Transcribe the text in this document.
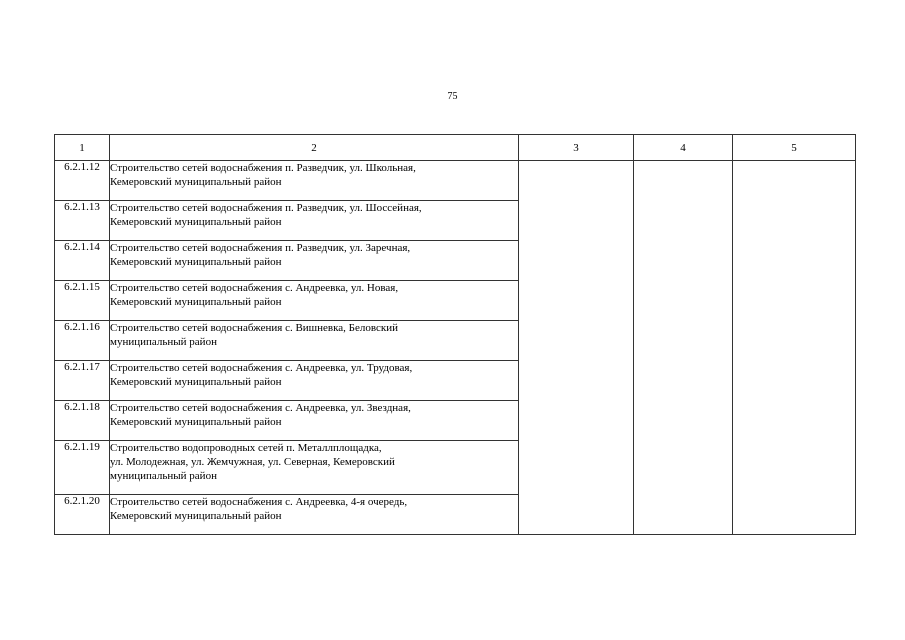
75
1	2	3	4	5
6.2.1.12	Строительство сетей водоснабжения п. Разведчик, ул. Школьная,
Кемеровский муниципальный район			

6.2.1.13	Строительство сетей водоснабжения п. Разведчик, ул. Шоссейная,
Кемеровский муниципальный район			

6.2.1.14	Строительство сетей водоснабжения п. Разведчик, ул. Заречная,
Кемеровский муниципальный район			

6.2.1.15	Строительство сетей водоснабжения с. Андреевка, ул. Новая,
Кемеровский муниципальный район			

6.2.1.16	Строительство сетей водоснабжения с. Вишневка, Беловский
муниципальный район			

6.2.1.17	Строительство сетей водоснабжения с. Андреевка, ул. Трудовая,
Кемеровский муниципальный район			

6.2.1.18	Строительство сетей водоснабжения с. Андреевка, ул. Звездная,
Кемеровский муниципальный район			

6.2.1.19	Строительство водопроводных сетей п. Металлплощадка,
ул. Молодежная, ул. Жемчужная, ул. Северная, Кемеровский
муниципальный район			

6.2.1.20	Строительство сетей водоснабжения с. Андреевка, 4-я очередь,
Кемеровский муниципальный район			
